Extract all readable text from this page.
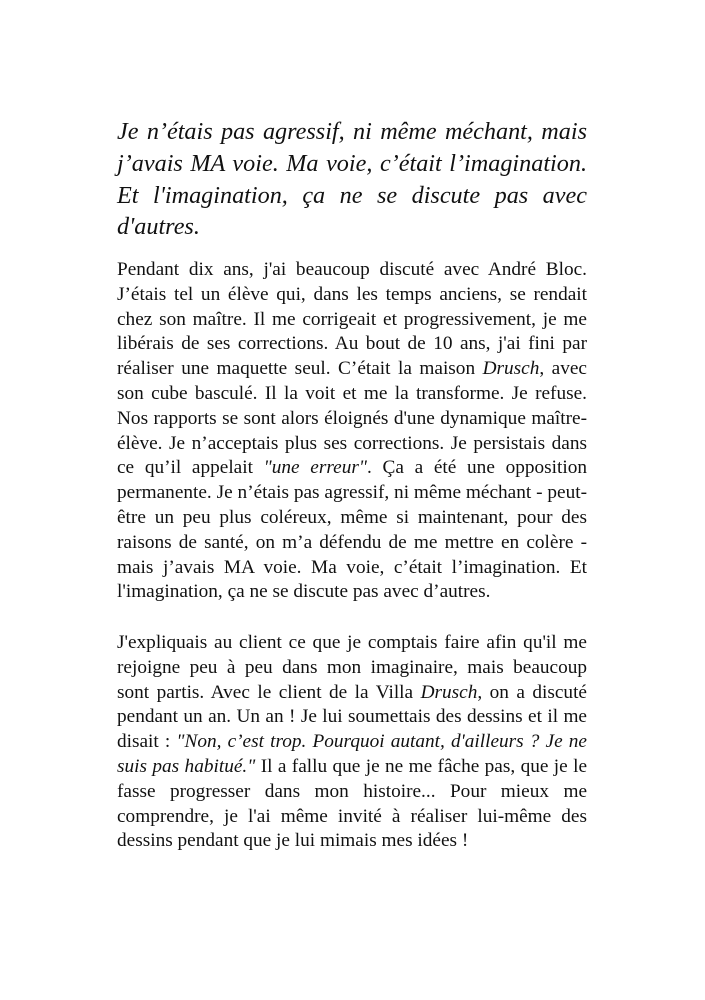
Je n’étais pas agressif, ni même méchant, mais j’avais MA voie. Ma voie, c’était l’imagination. Et l'imagination, ça ne se discute pas avec d'autres.

Pendant dix ans, j'ai beaucoup discuté avec André Bloc. J’étais tel un élève qui, dans les temps anciens, se rendait chez son maître. Il me corrigeait et progressivement, je me libérais de ses corrections. Au bout de 10 ans, j'ai fini par réaliser une maquette seul. C’était la maison Drusch, avec son cube basculé. Il la voit et me la transforme. Je refuse. Nos rapports se sont alors éloignés d'une dynamique maître-élève. Je n’acceptais plus ses corrections. Je persistais dans ce qu’il appelait "une erreur". Ça a été une opposition permanente. Je n’étais pas agressif, ni même méchant - peut-être un peu plus coléreux, même si maintenant, pour des raisons de santé, on m’a défendu de me mettre en colère - mais j’avais MA voie. Ma voie, c’était l’imagination. Et l'imagination, ça ne se discute pas avec d’autres.

J'expliquais au client ce que je comptais faire afin qu'il me rejoigne peu à peu dans mon imaginaire, mais beaucoup sont partis. Avec le client de la Villa Drusch, on a discuté pendant un an. Un an ! Je lui soumettais des dessins et il me disait : "Non, c’est trop. Pourquoi autant, d'ailleurs ? Je ne suis pas habitué." Il a fallu que je ne me fâche pas, que je le fasse progresser dans mon histoire... Pour mieux me comprendre, je l'ai même invité à réaliser lui-même des dessins pendant que je lui mimais mes idées !
